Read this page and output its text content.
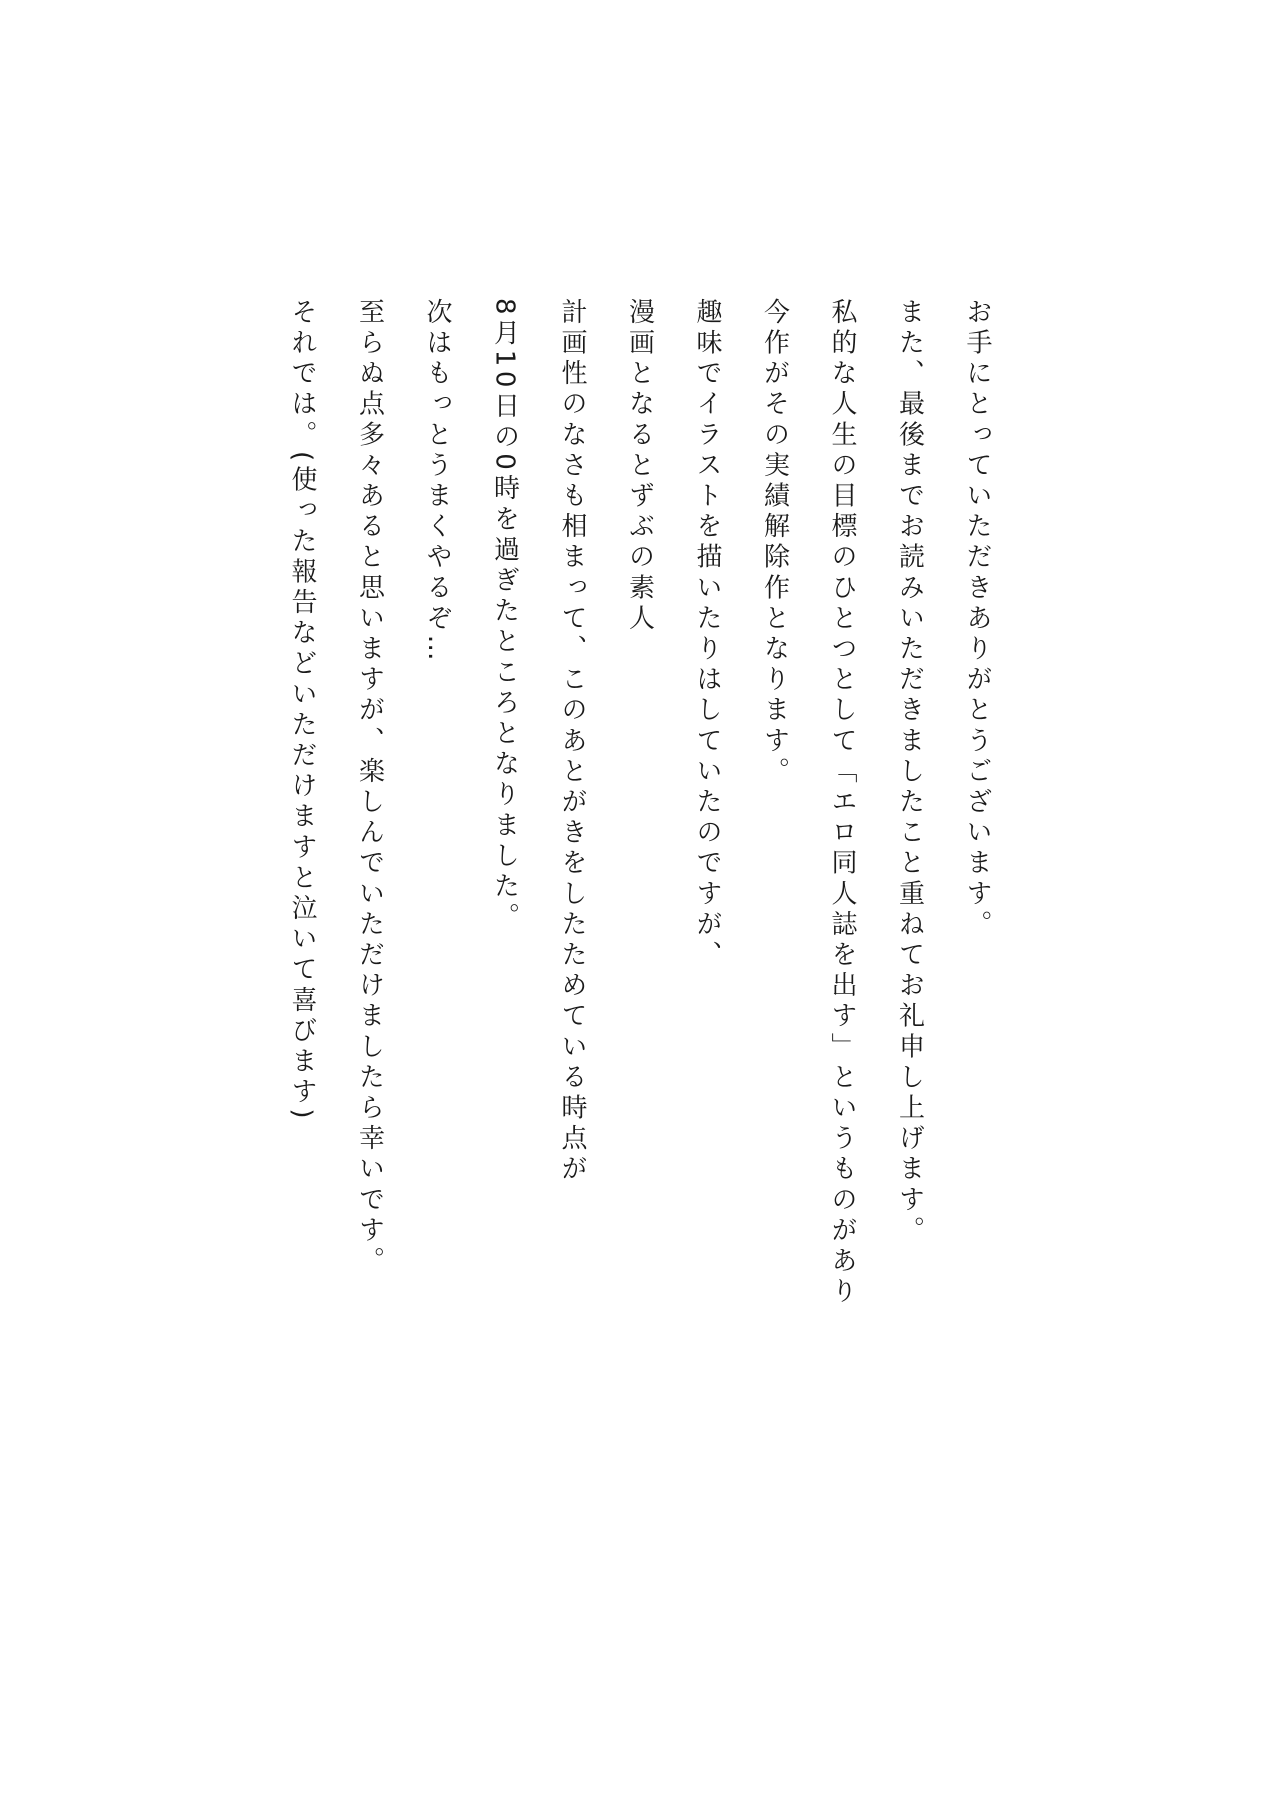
お手にとっていただきありがとうございます。
また、最後までお読みいただきましたこと重ねてお礼申し上げます。
私的な人生の目標のひとつとして「エロ同人誌を出す」というものがあり
今作がその実績解除作となります。
趣味でイラストを描いたりはしていたのですが、
漫画となるとずぶの素人
計画性のなさも相まって、このあとがきをしたためている時点が
8月10日の0時を過ぎたところとなりました。
次はもっとうまくやるぞ…
至らぬ点多々あると思いますが、楽しんでいただけましたら幸いです。
それでは。(使った報告などいただけますと泣いて喜びます)
